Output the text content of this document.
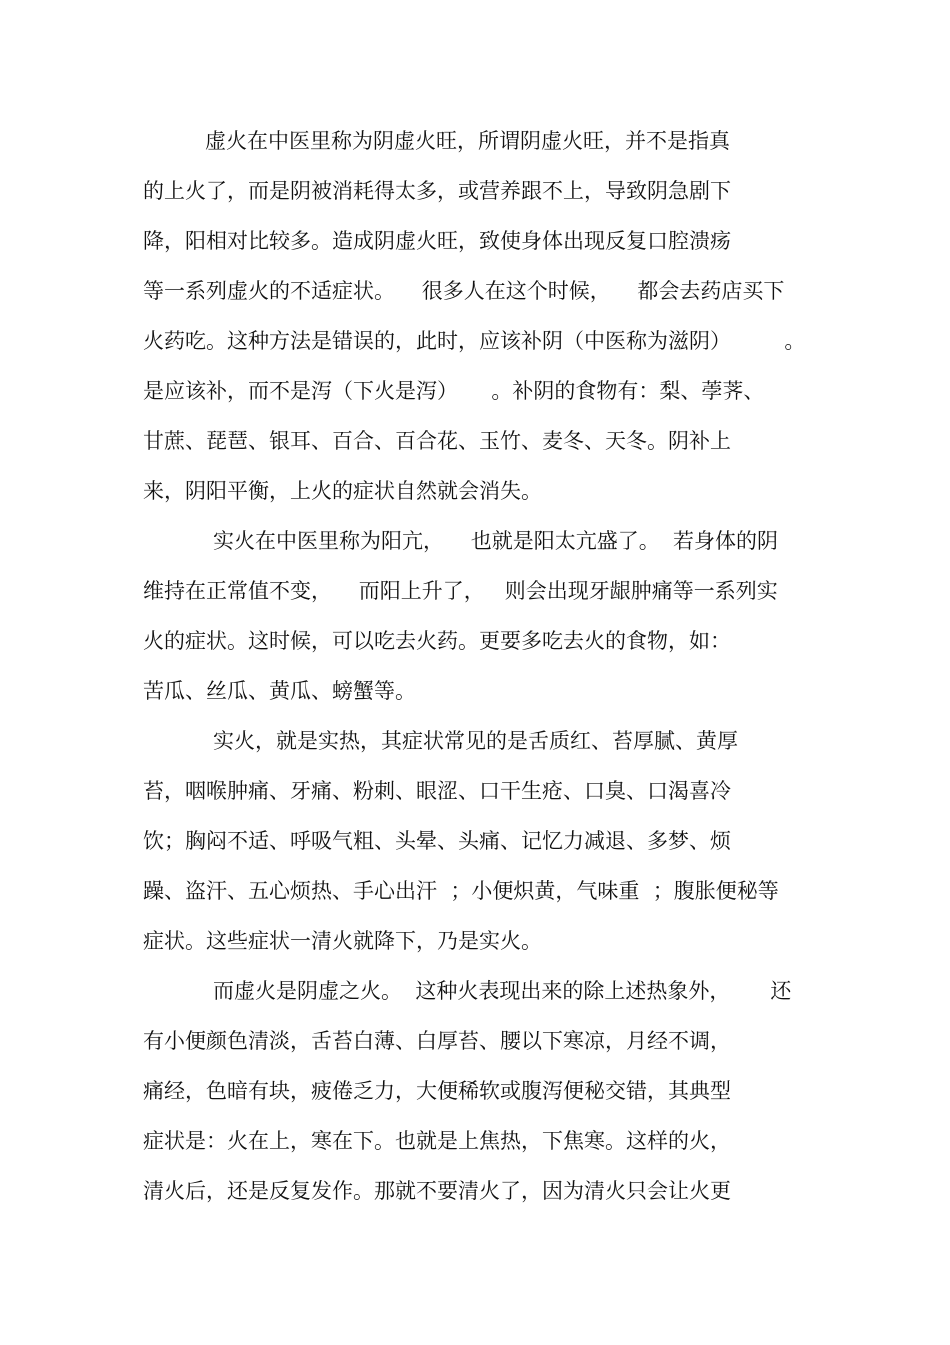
虚火在中医里称为阴虚火旺，所谓阴虚火旺，并不是指真
的上火了，而是阴被消耗得太多，或营养跟不上，导致阴急剧下
降，阳相对比较多。造成阴虚火旺，致使身体出现反复口腔溃疡
等一系列虚火的不适症状。    很多人在这个时候，    都会去药店买下
火药吃。这种方法是错误的，此时，应该补阴（中医称为滋阴）        。
是应该补，而不是泻（下火是泻）     。补阴的食物有：梨、荸荠、
甘蔗、琵琶、银耳、百合、百合花、玉竹、麦冬、天冬。阴补上
来，阴阳平衡，上火的症状自然就会消失。
实火在中医里称为阳亢，    也就是阳太亢盛了。  若身体的阴
维持在正常值不变，    而阳上升了，   则会出现牙龈肿痛等一系列实
火的症状。这时候，可以吃去火药。更要多吃去火的食物，如：
苦瓜、丝瓜、黄瓜、螃蟹等。
实火，就是实热，其症状常见的是舌质红、苔厚腻、黄厚
苔，咽喉肿痛、牙痛、粉刺、眼涩、口干生疮、口臭、口渴喜冷
饮；胸闷不适、呼吸气粗、头晕、头痛、记忆力减退、多梦、烦
躁、盗汗、五心烦热、手心出汗  ；小便炽黄，气味重  ；腹胀便秘等
症状。这些症状一清火就降下，乃是实火。
而虚火是阴虚之火。  这种火表现出来的除上述热象外，      还
有小便颜色清淡，舌苔白薄、白厚苔、腰以下寒凉，月经不调，
痛经，色暗有块，疲倦乏力，大便稀软或腹泻便秘交错，其典型
症状是：火在上，寒在下。也就是上焦热，下焦寒。这样的火，
清火后，还是反复发作。那就不要清火了，因为清火只会让火更
